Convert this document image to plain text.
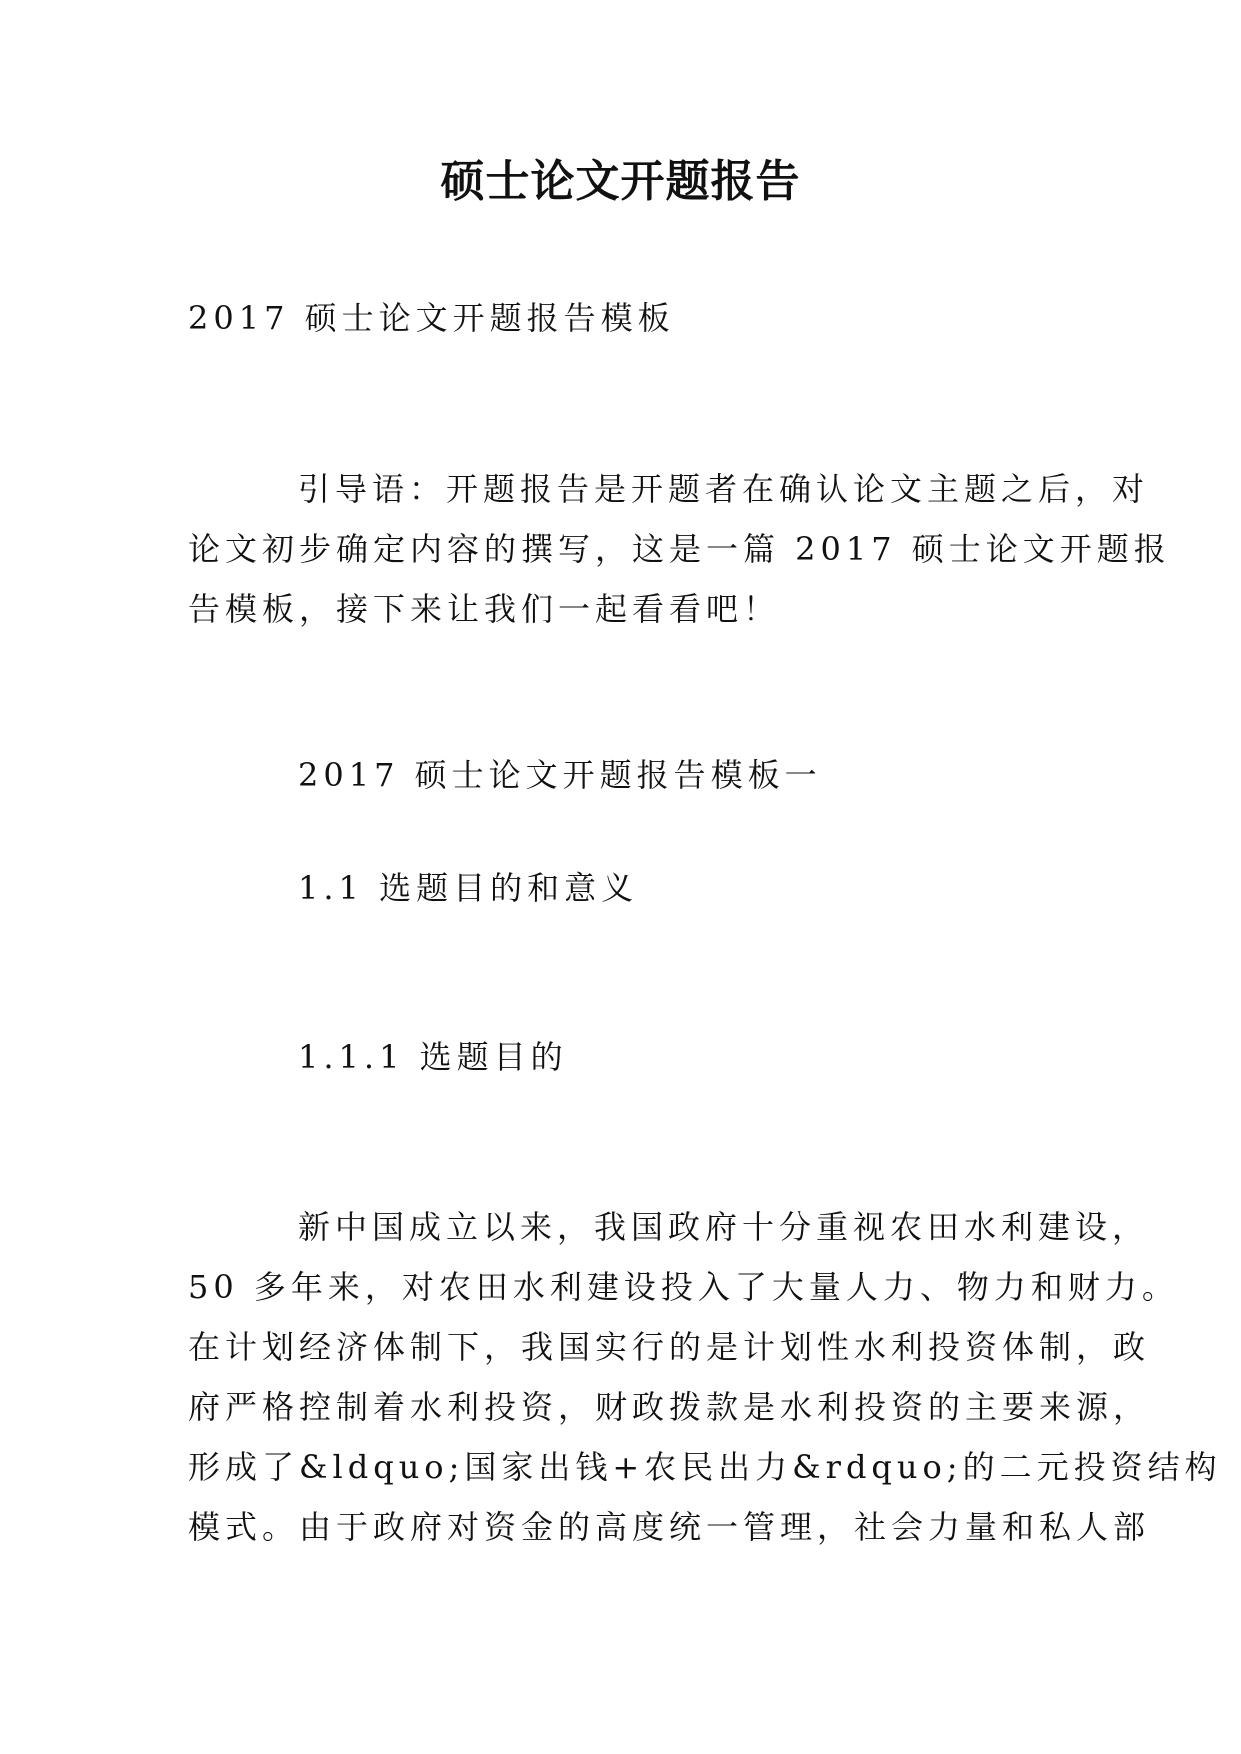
硕士论文开题报告
2017 硕士论文开题报告模板
引导语：开题报告是开题者在确认论文主题之后，对
论文初步确定内容的撰写，这是一篇 2017 硕士论文开题报
告模板，接下来让我们一起看看吧！
2017 硕士论文开题报告模板一
1.1 选题目的和意义
1.1.1 选题目的
新中国成立以来，我国政府十分重视农田水利建设，
50 多年来，对农田水利建设投入了大量人力、物力和财力。
在计划经济体制下，我国实行的是计划性水利投资体制，政
府严格控制着水利投资，财政拨款是水利投资的主要来源，
形成了&ldquo;国家出钱+农民出力&rdquo;的二元投资结构
模式。由于政府对资金的高度统一管理，社会力量和私人部
